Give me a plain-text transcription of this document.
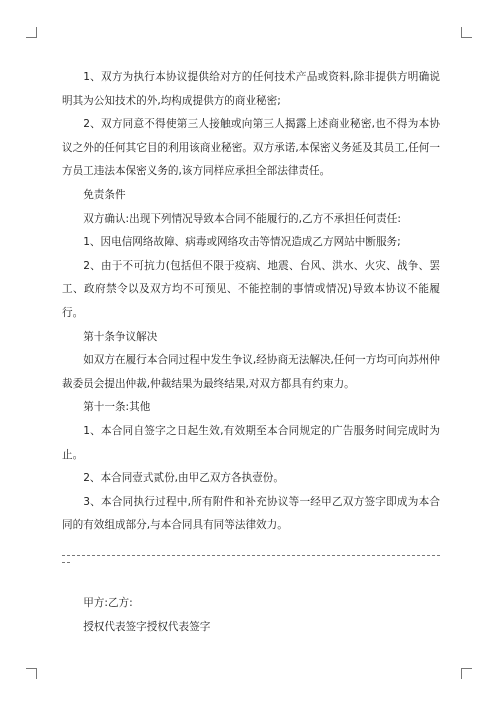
1、双方为执行本协议提供给对方的任何技术产品或资料,除非提供方明确说明其为公知技术的外,均构成提供方的商业秘密;

2、双方同意不得使第三人接触或向第三人揭露上述商业秘密,也不得为本协议之外的任何其它目的利用该商业秘密。双方承诺,本保密义务延及其员工,任何一方员工违法本保密义务的,该方同样应承担全部法律责任。

免责条件

双方确认:出现下列情况导致本合同不能履行的,乙方不承担任何责任:

1、因电信网络故障、病毒或网络攻击等情况造成乙方网站中断服务;

2、由于不可抗力(包括但不限于疫病、地震、台风、洪水、火灾、战争、罢工、政府禁令以及双方均不可预见、不能控制的事情或情况)导致本协议不能履行。

第十条争议解决

如双方在履行本合同过程中发生争议,经协商无法解决,任何一方均可向苏州仲裁委员会提出仲裁,仲裁结果为最终结果,对双方都具有约束力。

第十一条:其他

1、本合同自签字之日起生效,有效期至本合同规定的广告服务时间完成时为止。

2、本合同壹式贰份,由甲乙双方各执壹份。

3、本合同执行过程中,所有附件和补充协议等一经甲乙双方签字即成为本合同的有效组成部分,与本合同具有同等法律效力。

甲方:乙方:

授权代表签字授权代表签字
